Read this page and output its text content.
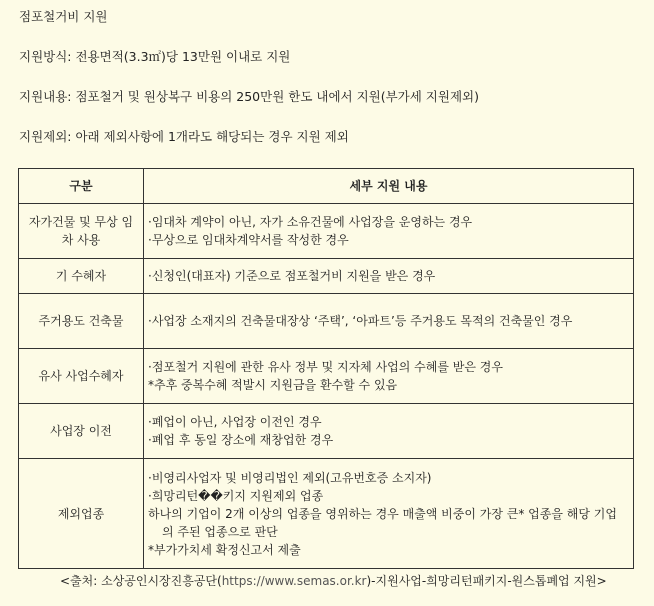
점포철거비 지원
지원방식: 전용면적(3.3㎡)당 13만원 이내로 지원
지원내용: 점포철거 및 원상복구 비용의 250만원 한도 내에서 지원(부가세 지원제외)
지원제외: 아래 제외사항에 1개라도 해당되는 경우 지원 제외
구분	세부 지원 내용
자가건물 및 무상 임차 사용	·임대차 계약이 아닌, 자가 소유건물에 사업장을 운영하는 경우
·무상으로 임대차계약서를 작성한 경우

기 수혜자	·신청인(대표자) 기준으로 점포철거비 지원을 받은 경우

주거용도 건축물	·사업장 소재지의 건축물대장상 ‘주택’, ‘아파트’등 주거용도 목적의 건축물인 경우

유사 사업수혜자	·점포철거 지원에 관한 유사 정부 및 지자체 사업의 수혜를 받은 경우
*추후 중복수혜 적발시 지원금을 환수할 수 있음

사업장 이전	·폐업이 아닌, 사업장 이전인 경우
·폐업 후 동일 장소에 재창업한 경우

제외업종	·비영리사업자 및 비영리법인 제외(고유번호증 소지자)
·희망리턴��키지 지원제외 업종
하나의 기업이 2개 이상의 업종을 영위하는 경우 매출액 비중이 가장 큰* 업종을 해당 기업의 주된 업종으로 판단
*부가가치세 확정신고서 제출
<출처: 소상공인시장진흥공단(https://www.semas.or.kr)-지원사업-희망리턴패키지-원스톱폐업 지원>
